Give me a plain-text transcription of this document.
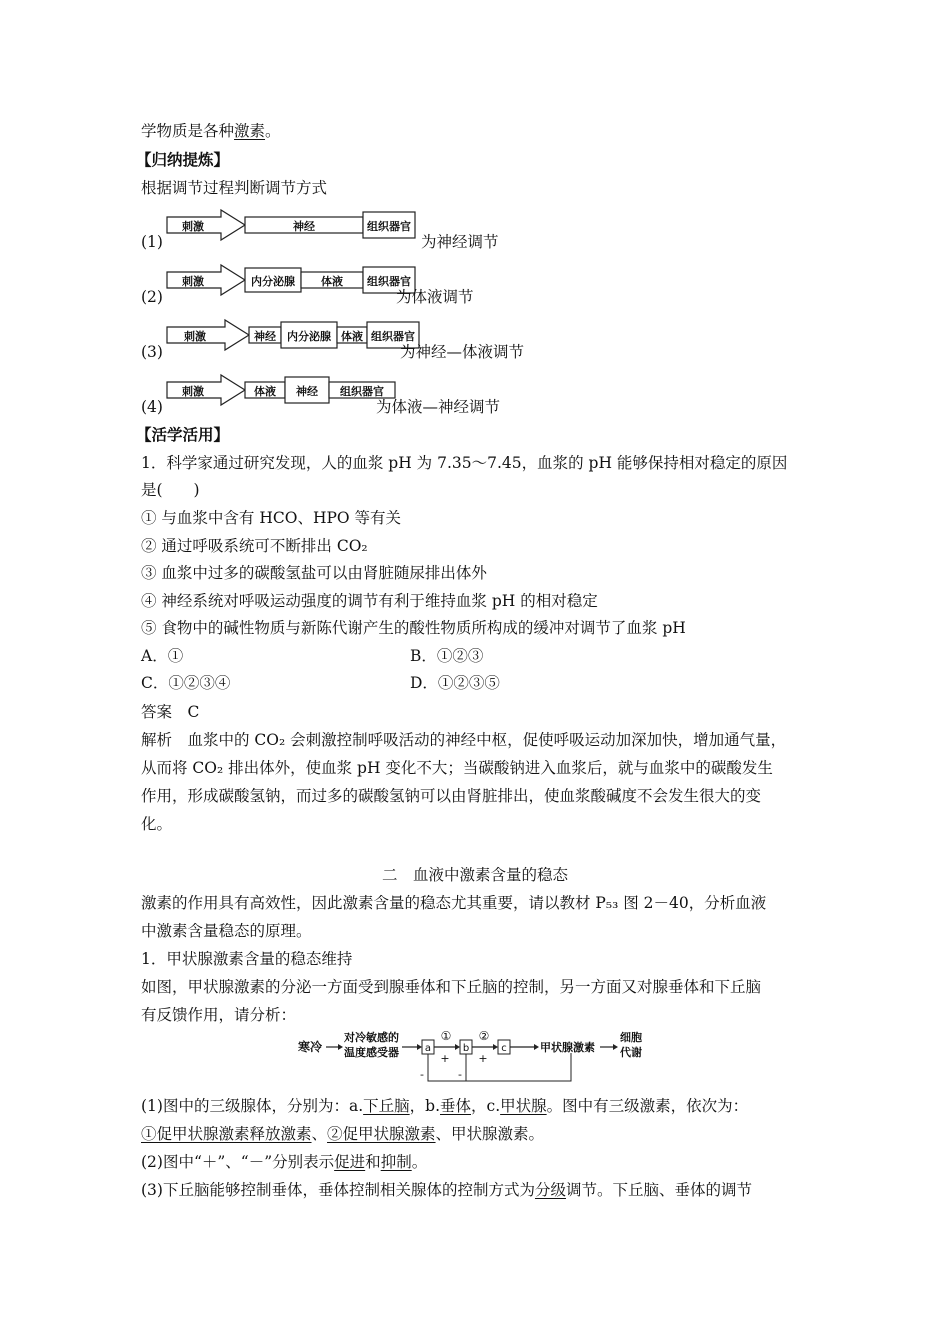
学物质是各种激素。
【归纳提炼】
根据调节过程判断调节方式
(1)
刺激	神经	组织器官
为神经调节
(2)
刺激	内分泌腺 体液 组织器官
为体液调节
(3)
刺激	神经 内分泌腺 体液 组织器官
为神经—体液调节
(4)
刺激	体液 神经 组织器官
为体液—神经调节
【活学活用】
1．科学家通过研究发现，人的血浆 pH 为 7.35～7.45，血浆的 pH 能够保持相对稳定的原因
是(　　)
① 与血浆中含有 HCO、HPO 等有关
② 通过呼吸系统可不断排出 CO₂
③ 血浆中过多的碳酸氢盐可以由肾脏随尿排出体外
④ 神经系统对呼吸运动强度的调节有利于维持血浆 pH 的相对稳定
⑤ 食物中的碱性物质与新陈代谢产生的酸性物质所构成的缓冲对调节了血浆 pH
A．①	B．①②③
C．①②③④	D．①②③⑤
答案　C
解析　血浆中的 CO₂ 会刺激控制呼吸活动的神经中枢，促使呼吸运动加深加快，增加通气量，
从而将 CO₂ 排出体外，使血浆 pH 变化不大；当碳酸钠进入血浆后，就与血浆中的碳酸发生
作用，形成碳酸氢钠，而过多的碳酸氢钠可以由肾脏排出，使血浆酸碱度不会发生很大的变
化。
二　血液中激素含量的稳态
激素的作用具有高效性，因此激素含量的稳态尤其重要，请以教材 P₅₃ 图 2－40，分析血液
中激素含量稳态的原理。
1．甲状腺激素含量的稳态维持
如图，甲状腺激素的分泌一方面受到腺垂体和下丘脑的控制，另一方面又对腺垂体和下丘脑
有反馈作用，请分析：
寒冷
对冷敏感的
温度感受器	a
①
+
b
②
+
c	甲状腺激素
细胞
代谢
-	-
(1)图中的三级腺体，分别为：a.下丘脑，b.垂体，c.甲状腺。图中有三级激素，依次为：
①促甲状腺激素释放激素、②促甲状腺激素、甲状腺激素。
(2)图中“＋”、“－”分别表示促进和抑制。
(3)下丘脑能够控制垂体，垂体控制相关腺体的控制方式为分级调节。下丘脑、垂体的调节
